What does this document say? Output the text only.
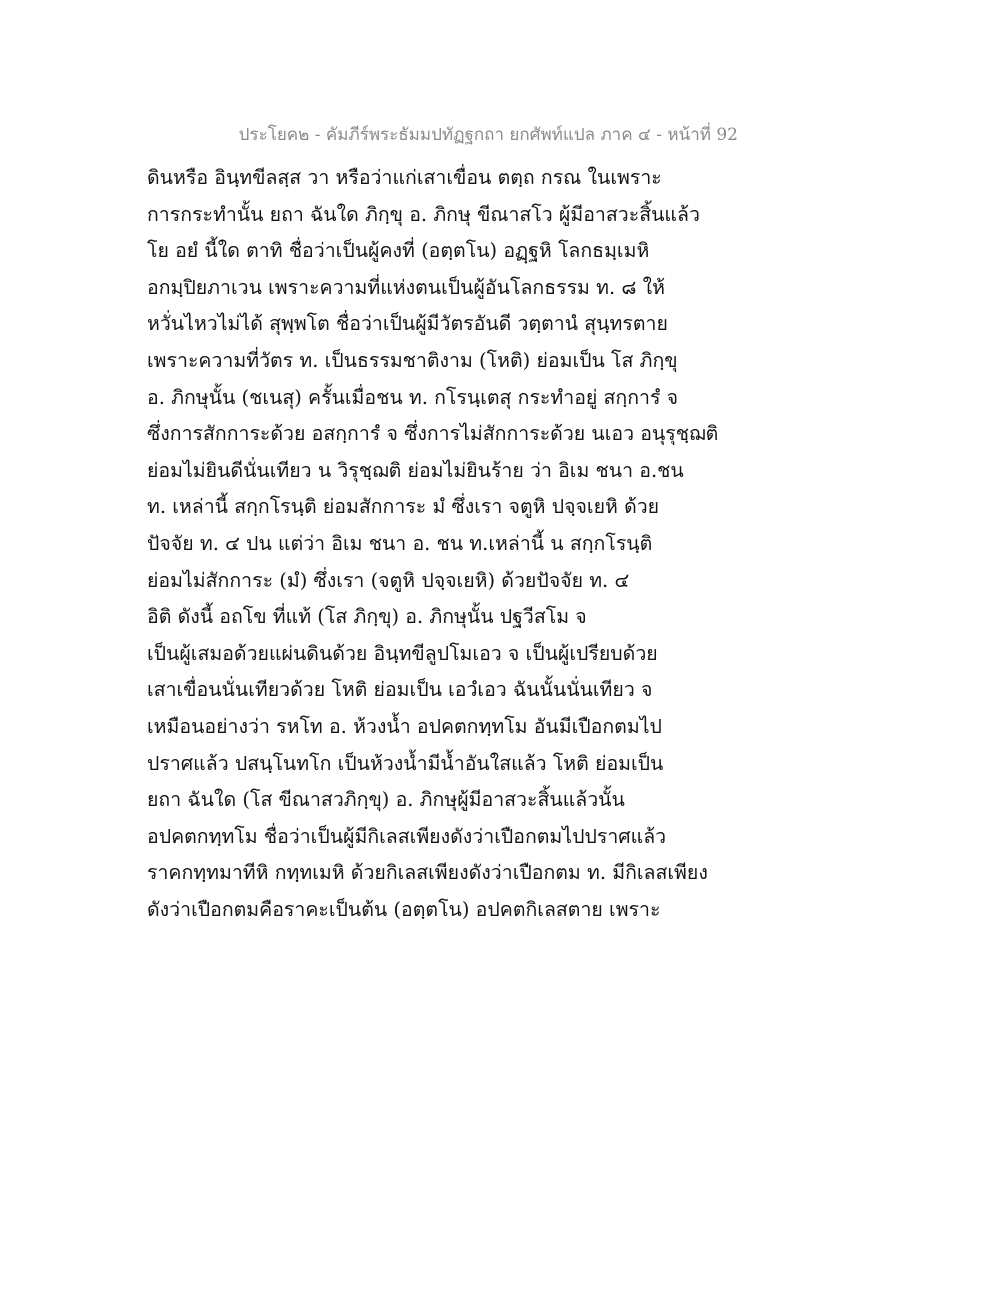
ประโยค๒ - คัมภีร์พระธัมมปทัฏฐกถา ยกศัพท์แปล ภาค ๔ - หน้าที่ 92
ดินหรือ อินฺทขีลสฺส วา หรือว่าแก่เสาเขื่อน ตตฺถ กรณ ในเพราะ
การกระทำนั้น ยถา ฉันใด ภิกฺขุ อ. ภิกษุ ขีณาสโว ผู้มีอาสวะสิ้นแล้ว
โย อยํ นี้ใด ตาทิ ชื่อว่าเป็นผู้คงที่ (อตฺตโน) อฏฺฐหิ โลกธมฺเมหิ
อกมฺปิยภาเวน เพราะความที่แห่งตนเป็นผู้อันโลกธรรม ท. ๘ ให้
หวั่นไหวไม่ได้ สุพฺพโต ชื่อว่าเป็นผู้มีวัตรอันดี วตฺตานํ สุนฺทรตาย
เพราะความที่วัตร ท. เป็นธรรมชาติงาม (โหติ) ย่อมเป็น โส ภิกฺขุ
อ. ภิกษุนั้น (ชเนสุ) ครั้นเมื่อชน ท. กโรนฺเตสุ กระทำอยู่ สกฺการํ จ
ซึ่งการสักการะด้วย อสกฺการํ จ ซึ่งการไม่สักการะด้วย นเอว อนุรุชฺฌติ
ย่อมไม่ยินดีนั่นเทียว น วิรุชฺฌติ ย่อมไม่ยินร้าย ว่า อิเม ชนา อ.ชน
ท. เหล่านี้ สกฺกโรนฺติ ย่อมสักการะ มํ ซึ่งเรา จตูหิ ปจฺจเยหิ ด้วย
ปัจจัย ท. ๔ ปน แต่ว่า อิเม ชนา อ. ชน ท.เหล่านี้ น สกฺกโรนฺติ
ย่อมไม่สักการะ (มํ) ซึ่งเรา (จตูหิ ปจฺจเยหิ) ด้วยปัจจัย ท. ๔
อิติ ดังนี้ อถโข ที่แท้ (โส ภิกฺขุ) อ. ภิกษุนั้น ปฐวีสโม จ
เป็นผู้เสมอด้วยแผ่นดินด้วย อินฺทขีลูปโมเอว จ เป็นผู้เปรียบด้วย
เสาเขื่อนนั่นเทียวด้วย โหติ ย่อมเป็น เอวํเอว ฉันนั้นนั่นเทียว จ
เหมือนอย่างว่า รหโท อ. ห้วงน้ำ อปคตกทฺทโม อันมีเปือกตมไป
ปราศแล้ว ปสนฺโนทโก เป็นห้วงน้ำมีน้ำอันใสแล้ว โหติ ย่อมเป็น
ยถา ฉันใด (โส ขีณาสวภิกฺขุ) อ. ภิกษุผู้มีอาสวะสิ้นแล้วนั้น
อปคตกทฺทโม ชื่อว่าเป็นผู้มีกิเลสเพียงดังว่าเปือกตมไปปราศแล้ว
ราคกทฺทมาทีหิ กทฺทเมหิ ด้วยกิเลสเพียงดังว่าเปือกตม ท. มีกิเลสเพียง
ดังว่าเปือกตมคือราคะเป็นต้น (อตฺตโน) อปคตกิเลสตาย เพราะ
